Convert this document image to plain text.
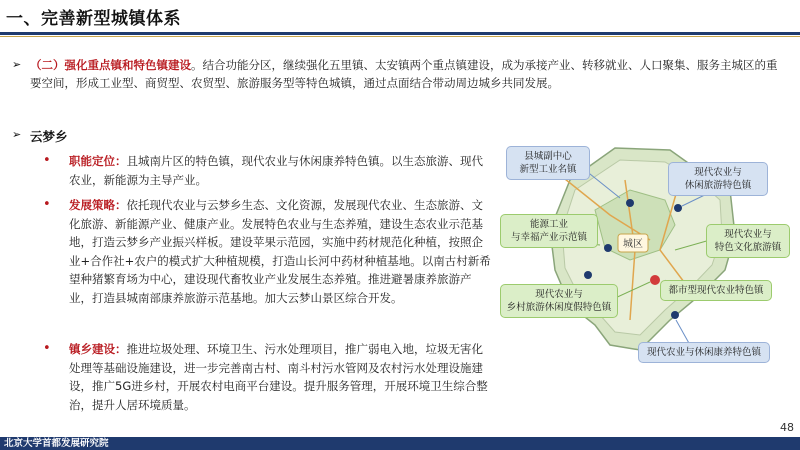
一、完善新型城镇体系
➢ （二）强化重点镇和特色镇建设。结合功能分区，继续强化五里镇、太安镇两个重点镇建设，成为承接产业、转移就业、人口聚集、服务主城区的重要空间，形成工业型、商贸型、农贸型、旅游服务型等特色城镇，通过点面结合带动周边城乡共同发展。
➢ 云梦乡
• 职能定位：且城南片区的特色镇，现代农业与休闲康养特色镇。以生态旅游、现代农业，新能源为主导产业。
• 发展策略：依托现代农业与云梦乡生态、文化资源，发展现代农业、生态旅游、文化旅游、新能源产业、健康产业。发展特色农业与生态养殖，建设生态农业示范基地，打造云梦乡产业振兴样板。建设苹果示范园，实施中药材规范化种植，按照企业+合作社+农户的模式扩大种植规模，打造山长河中药材种植基地。以南古村新希望种猪繁育场为中心，建设现代畜牧业产业发展生态养殖。推进避暑康养旅游产业，打造县城南部康养旅游示范基地。加大云梦山景区综合开发。
• 镇乡建设：推进垃圾处理、环境卫生、污水处理项目，推广弱电入地，垃圾无害化处理等基础设施建设，进一步完善南古村、南斗村污水管网及农村污水处理设施建设，推广5G进乡村，开展农村电商平台建设。提升服务管理，开展环境卫生综合整治，提升人居环境质量。
城区
县城副中心
新型工业名镇
能源工业
与幸福产业示范镇
现代农业与
休闲旅游特色镇
现代农业与
特色文化旅游镇
现代农业与
乡村旅游休闲度假特色镇
都市型现代农业特色镇
现代农业与休闲康养特色镇
48
北京大学首都发展研究院
